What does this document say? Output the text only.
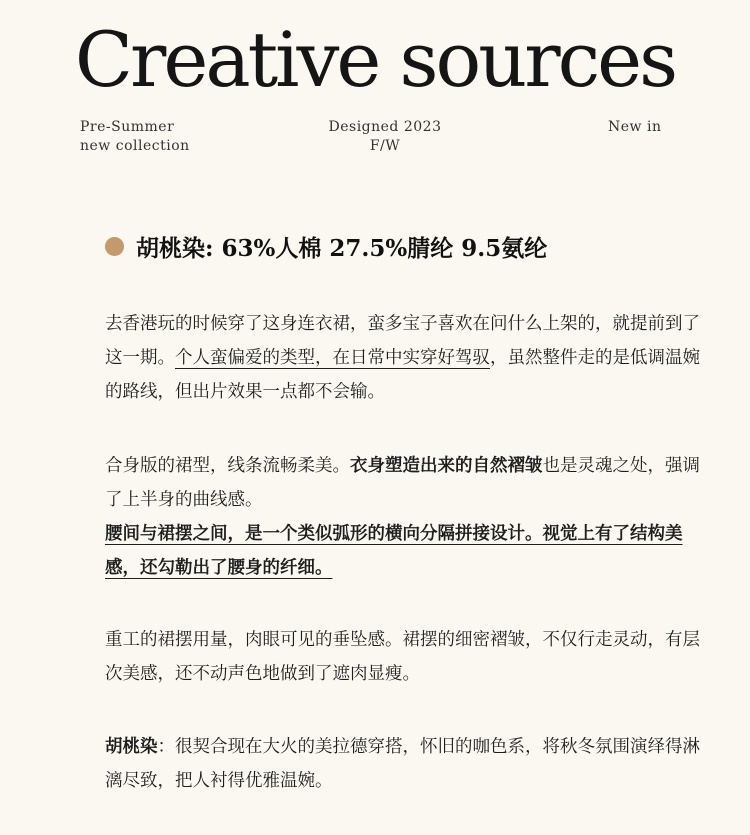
Creative sources
Pre-Summer
new collection
Designed 2023
F/W
New in
胡桃染: 63%人棉 27.5%腈纶 9.5氨纶
去香港玩的时候穿了这身连衣裙，蛮多宝子喜欢在问什么上架的，就提前到了这一期。个人蛮偏爱的类型，在日常中实穿好驾驭，虽然整件走的是低调温婉的路线，但出片效果一点都不会输。
合身版的裙型，线条流畅柔美。衣身塑造出来的自然褶皱也是灵魂之处，强调了上半身的曲线感。
腰间与裙摆之间，是一个类似弧形的横向分隔拼接设计。视觉上有了结构美感，还勾勒出了腰身的纤细。
重工的裙摆用量，肉眼可见的垂坠感。裙摆的细密褶皱，不仅行走灵动，有层次美感，还不动声色地做到了遮肉显瘦。
胡桃染：很契合现在大火的美拉德穿搭，怀旧的咖色系，将秋冬氛围演绎得淋漓尽致，把人衬得优雅温婉。
